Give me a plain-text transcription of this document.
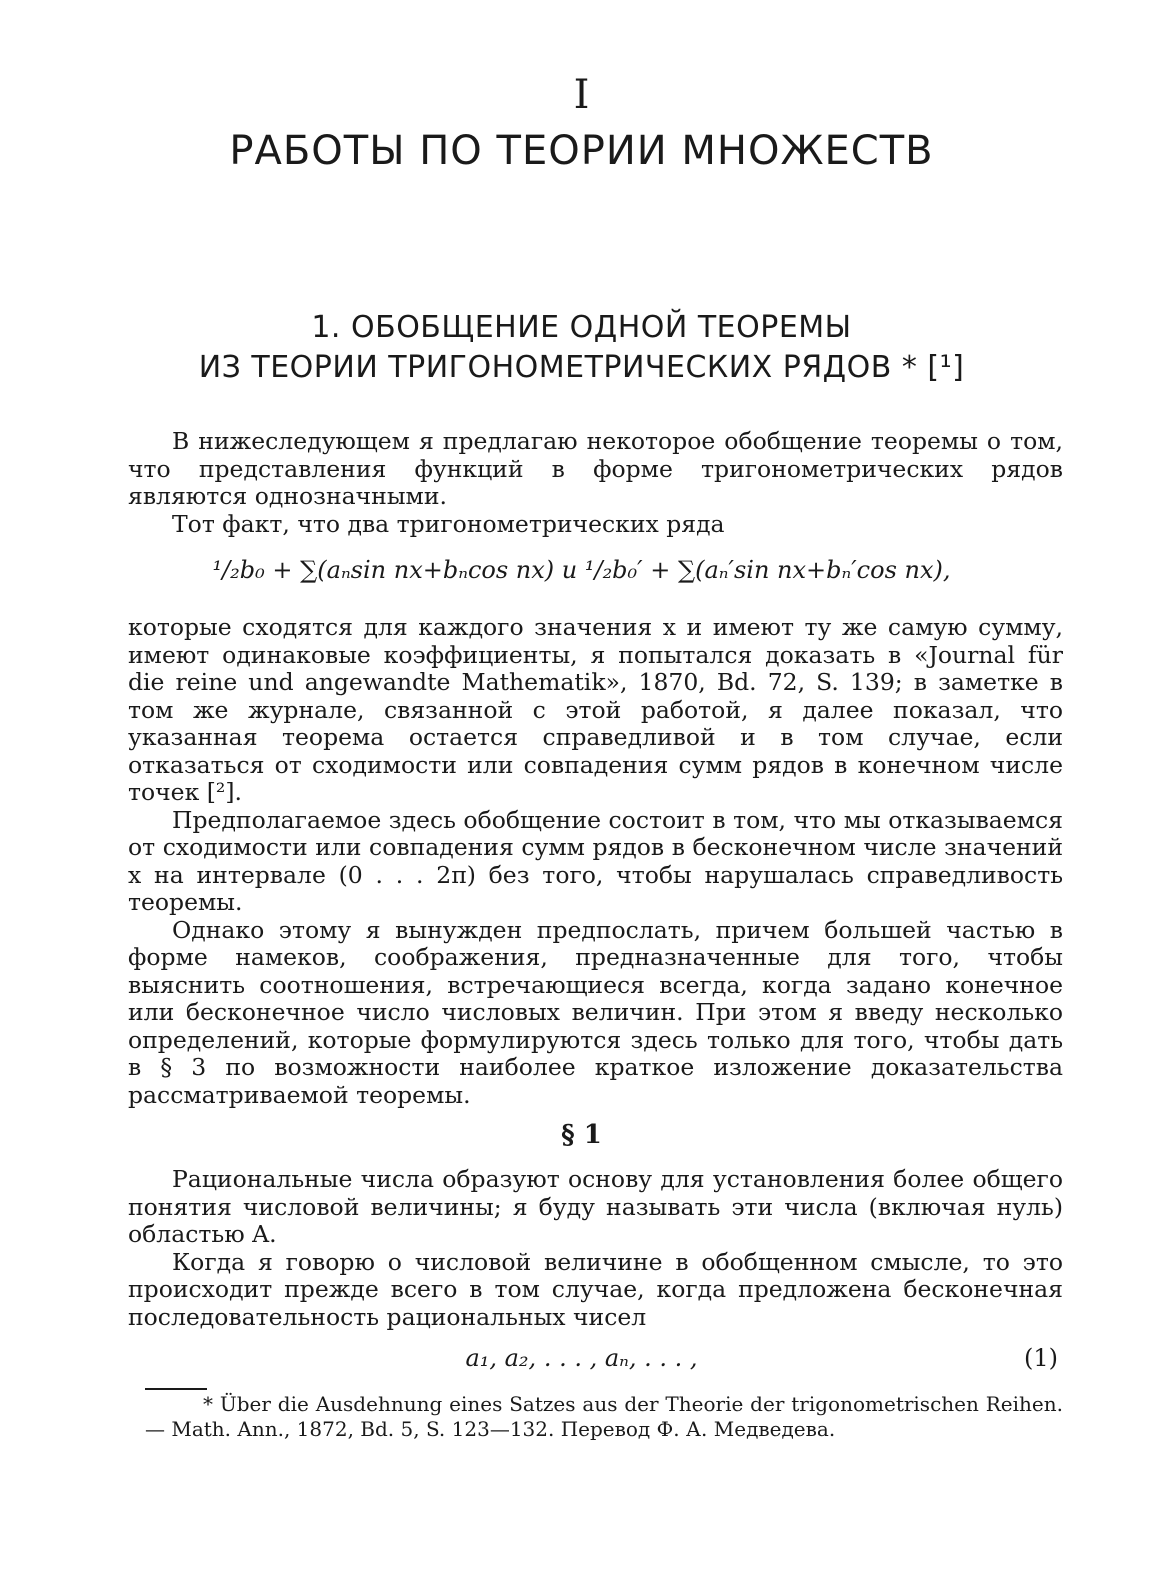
I
РАБОТЫ ПО ТЕОРИИ МНОЖЕСТВ
1. ОБОБЩЕНИЕ ОДНОЙ ТЕОРЕМЫ
ИЗ ТЕОРИИ ТРИГОНОМЕТРИЧЕСКИХ РЯДОВ * [¹]

В нижеследующем я предлагаю некоторое обобщение теоремы о том, что представления функций в форме тригонометрических рядов являются однозначными.

Тот факт, что два тригонометрических ряда

¹/₂b₀ + ∑(aₙsin nx+bₙcos nx) и ¹/₂b₀′ + ∑(aₙ′sin nx+bₙ′cos nx),

которые сходятся для каждого значения x и имеют ту же самую сумму, имеют одинаковые коэффициенты, я попытался доказать в «Journal für die reine und angewandte Mathematik», 1870, Bd. 72, S. 139; в заметке в том же журнале, связанной с этой работой, я далее показал, что указанная теорема остается справедливой и в том случае, если отказаться от сходимости или совпадения сумм рядов в конечном числе точек [²].

Предполагаемое здесь обобщение состоит в том, что мы отказываемся от сходимости или совпадения сумм рядов в бесконечном числе значений x на интервале (0 . . . 2π) без того, чтобы нарушалась справедливость теоремы.

Однако этому я вынужден предпослать, причем большей частью в форме намеков, соображения, предназначенные для того, чтобы выяснить соотношения, встречающиеся всегда, когда задано конечное или бесконечное число числовых величин. При этом я введу несколько определений, которые формулируются здесь только для того, чтобы дать в § 3 по возможности наиболее краткое изложение доказательства рассматриваемой теоремы.

§ 1

Рациональные числа образуют основу для установления более общего понятия числовой величины; я буду называть эти числа (включая нуль) областью A.

Когда я говорю о числовой величине в обобщенном смысле, то это происходит прежде всего в том случае, когда предложена бесконечная последовательность рациональных чисел

a₁, a₂, . . . , aₙ, . . . ,	(1)
* Über die Ausdehnung eines Satzes aus der Theorie der trigonometrischen Reihen.— Math. Ann., 1872, Bd. 5, S. 123—132. Перевод Ф. А. Медведева.
